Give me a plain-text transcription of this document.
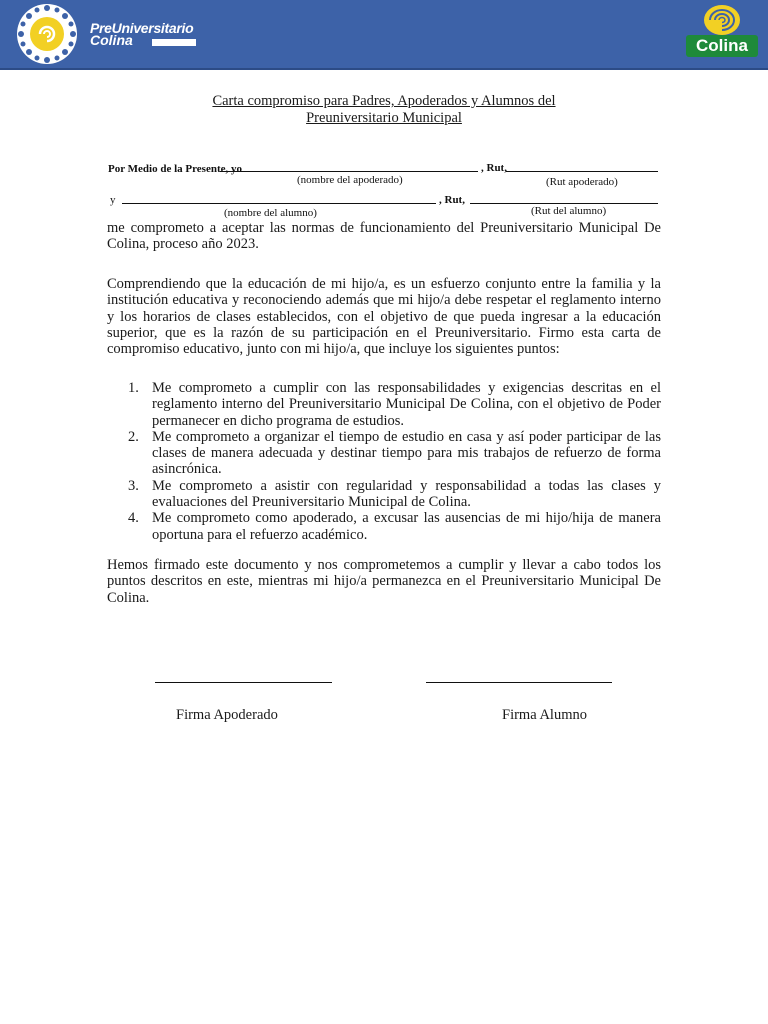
PreUniversitario
Colina	Colina
Carta compromiso para Padres, Apoderados y Alumnos del
Preuniversitario Municipal
Por Medio de la Presente, yo	, Rut,
(nombre del apoderado)	(Rut apoderado)
y	, Rut,
(nombre del alumno)	(Rut del alumno)
me comprometo a aceptar las normas de funcionamiento del Preuniversitario Municipal De Colina, proceso año 2023.
Comprendiendo que la educación de mi hijo/a, es un esfuerzo conjunto entre la familia y la institución educativa y reconociendo además que mi hijo/a debe respetar el reglamento interno y los horarios de clases establecidos, con el objetivo de que pueda ingresar a la educación superior, que es la razón de su participación en el Preuniversitario. Firmo esta carta de compromiso educativo, junto con mi hijo/a, que incluye los siguientes puntos:
1. Me comprometo a cumplir con las responsabilidades y exigencias descritas en el reglamento interno del Preuniversitario Municipal De Colina, con el objetivo de Poder permanecer en dicho programa de estudios.
2. Me comprometo a organizar el tiempo de estudio en casa y así poder participar de las clases de manera adecuada y destinar tiempo para mis trabajos de refuerzo de forma asincrónica.
3. Me comprometo a asistir con regularidad y responsabilidad a todas las clases y evaluaciones del Preuniversitario Municipal de Colina.
4. Me comprometo como apoderado, a excusar las ausencias de mi hijo/hija de manera oportuna para el refuerzo académico.
Hemos firmado este documento y nos comprometemos a cumplir y llevar a cabo todos los puntos descritos en este, mientras mi hijo/a permanezca en el Preuniversitario Municipal De Colina.
Firma Apoderado	Firma Alumno
